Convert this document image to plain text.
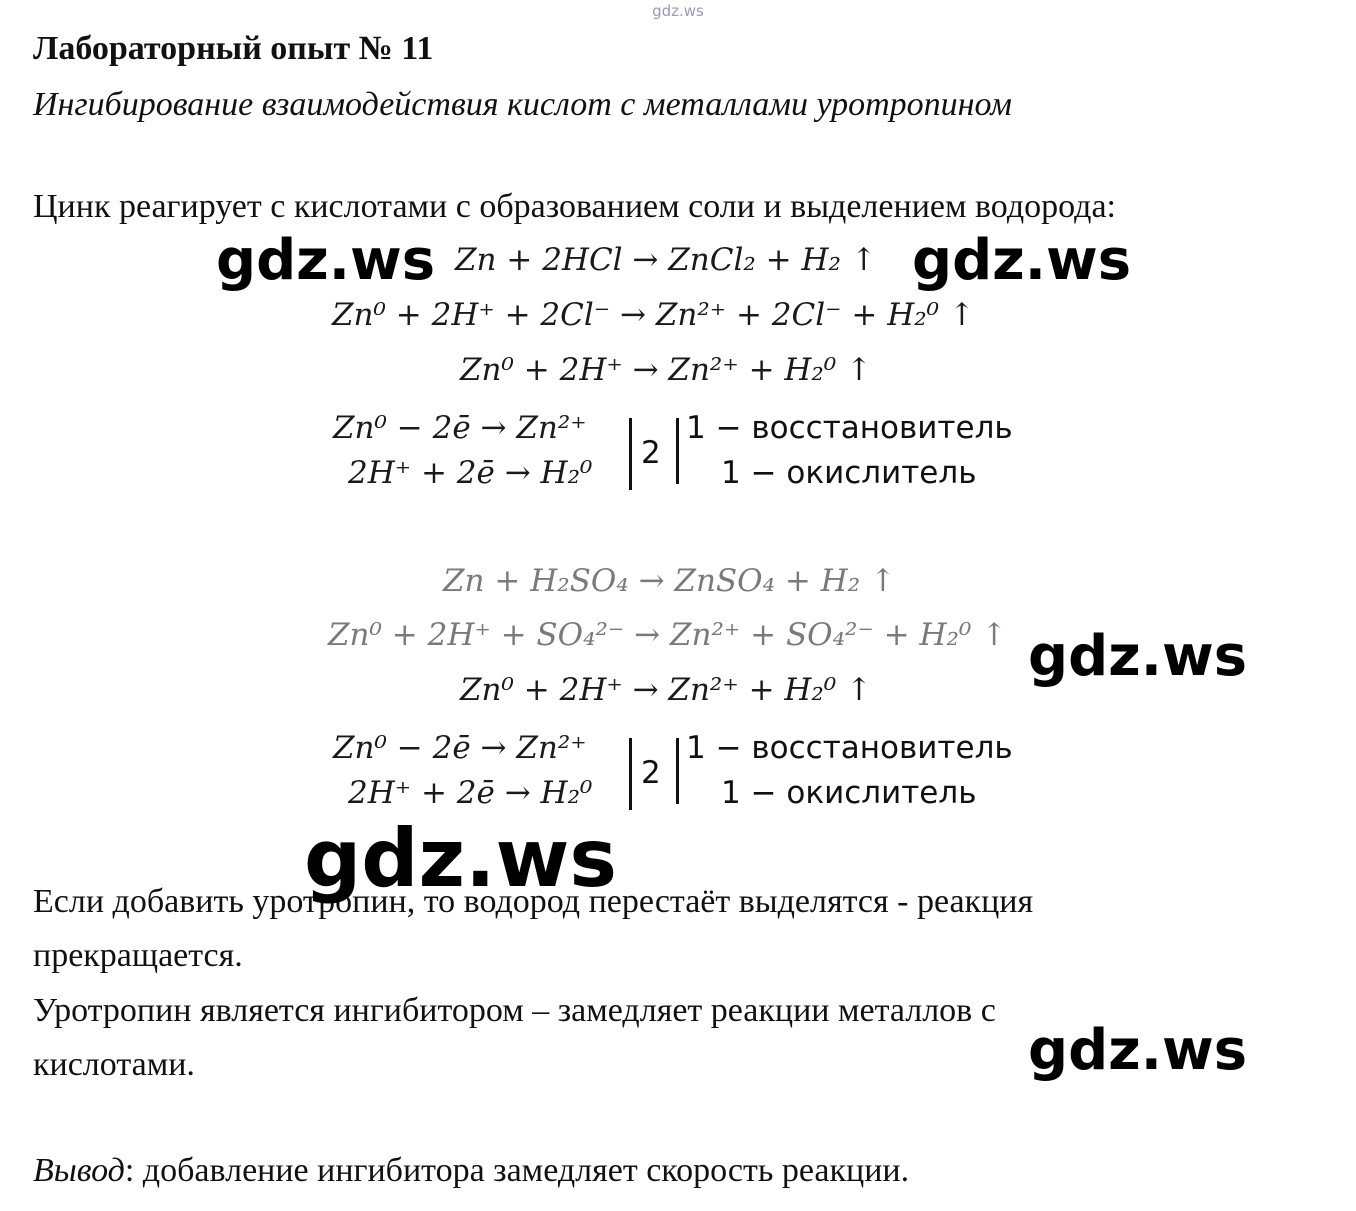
gdz.ws
Лабораторный опыт № 11
Ингибирование взаимодействия кислот с металлами уротропином
Цинк реагирует с кислотами с образованием соли и выделением водорода:
Zn + 2HCl → ZnCl₂ + H₂ ↑
Zn⁰ + 2H⁺ + 2Cl⁻ → Zn²⁺ + 2Cl⁻ + H₂⁰ ↑
Zn⁰ + 2H⁺ → Zn²⁺ + H₂⁰ ↑
Zn⁰ − 2ē → Zn²⁺
2H⁺ + 2ē → H₂⁰
2
1 − восстановитель
1 − окислитель
Zn + H₂SO₄ → ZnSO₄ + H₂ ↑
Zn⁰ + 2H⁺ + SO₄²⁻ → Zn²⁺ + SO₄²⁻ + H₂⁰ ↑
Zn⁰ + 2H⁺ → Zn²⁺ + H₂⁰ ↑
Zn⁰ − 2ē → Zn²⁺
2H⁺ + 2ē → H₂⁰
2
1 − восстановитель
1 − окислитель
Если добавить уротропин, то водород перестаёт выделятся - реакция
прекращается.
Уротропин является ингибитором – замедляет реакции металлов с
кислотами.
Вывод: добавление ингибитора замедляет скорость реакции.
gdz.ws	gdz.ws
gdz.ws
gdz.ws
gdz.ws
